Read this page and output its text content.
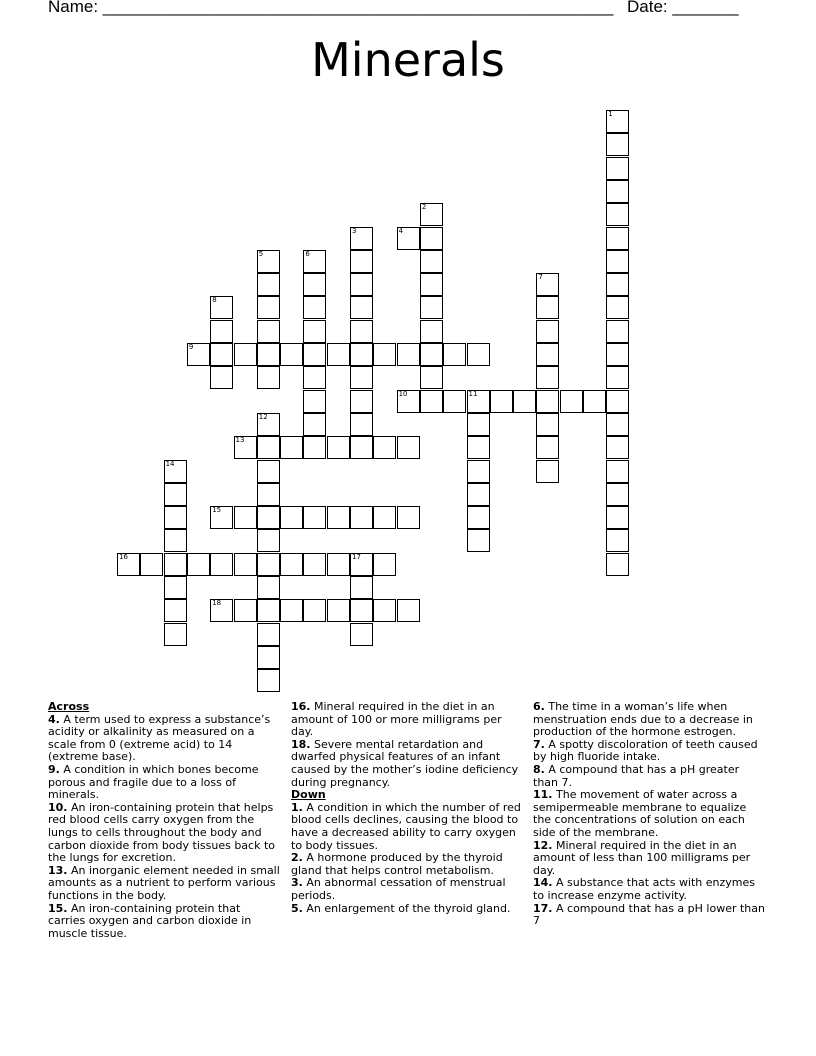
Name: ______________________________________________________ Date: _______
Minerals
1
2
3	4
5	6
7
8
9
10	11
12
13
14
15
16	17
18
Across
4. A term used to express a substance’s acidity or alkalinity as measured on a scale from 0 (extreme acid) to 14 (extreme base).
9. A condition in which bones become porous and fragile due to a loss of minerals.
10. An iron-containing protein that helps red blood cells carry oxygen from the lungs to cells throughout the body and carbon dioxide from body tissues back to the lungs for excretion.
13. An inorganic element needed in small amounts as a nutrient to perform various functions in the body.
15. An iron-containing protein that carries oxygen and carbon dioxide in muscle tissue.
16. Mineral required in the diet in an amount of 100 or more milligrams per day.
18. Severe mental retardation and dwarfed physical features of an infant caused by the mother’s iodine deficiency during pregnancy.
Down
1. A condition in which the number of red blood cells declines, causing the blood to have a decreased ability to carry oxygen to body tissues.
2. A hormone produced by the thyroid gland that helps control metabolism.
3. An abnormal cessation of menstrual periods.
5. An enlargement of the thyroid gland.
6. The time in a woman’s life when menstruation ends due to a decrease in production of the hormone estrogen.
7. A spotty discoloration of teeth caused by high fluoride intake.
8. A compound that has a pH greater than 7.
11. The movement of water across a semipermeable membrane to equalize the concentrations of solution on each side of the membrane.
12. Mineral required in the diet in an amount of less than 100 milligrams per day.
14. A substance that acts with enzymes to increase enzyme activity.
17. A compound that has a pH lower than 7
